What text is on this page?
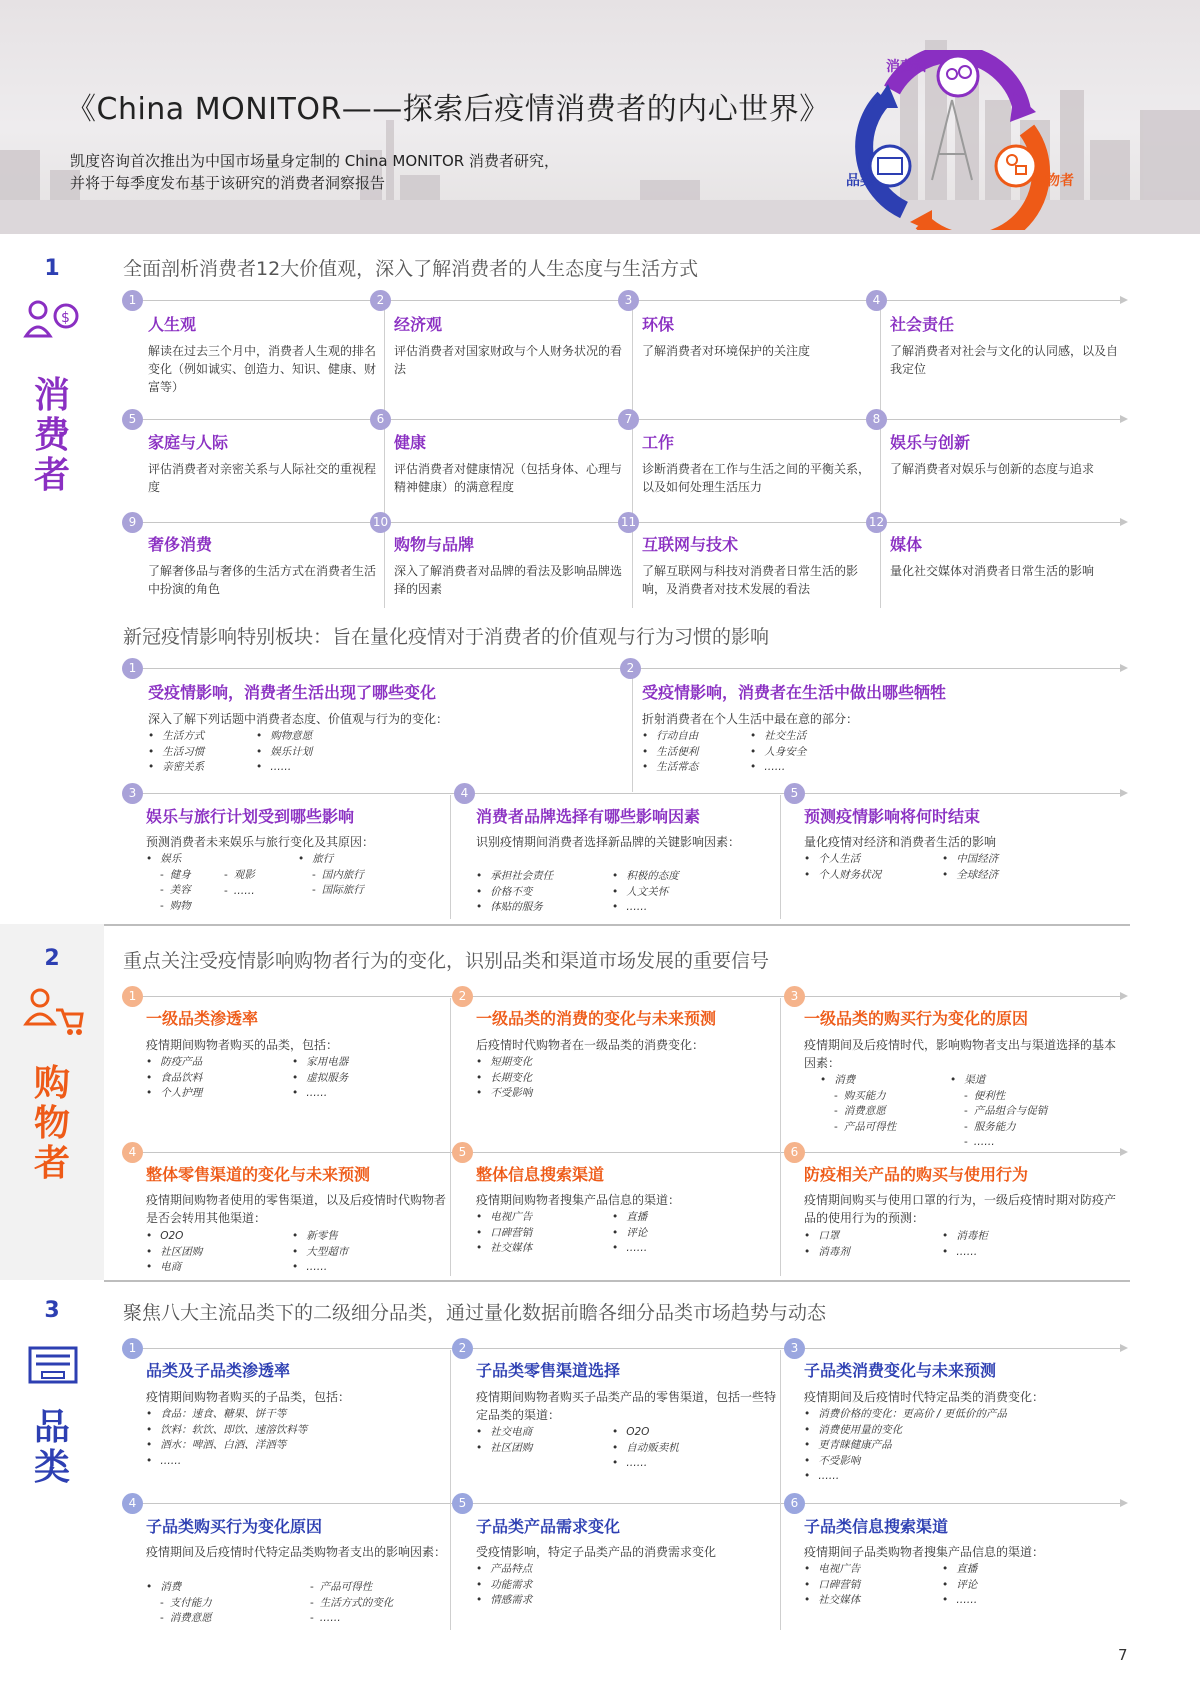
《China MONITOR——探索后疫情消费者的内心世界》
凯度咨询首次推出为中国市场量身定制的 China MONITOR 消费者研究，
并将于每季度发布基于该研究的消费者洞察报告
消费者
购物者
品类
1
$
消
费
者
2
购
物
者
3
品
类
全面剖析消费者12大价值观，深入了解消费者的人生态度与生活方式
1
人生观
解读在过去三个月中，消费者人生观的排名变化（例如诚实、创造力、知识、健康、财富等）
2
经济观
评估消费者对国家财政与个人财务状况的看法
3
环保
了解消费者对环境保护的关注度
4
社会责任
了解消费者对社会与文化的认同感，以及自我定位
5
家庭与人际
评估消费者对亲密关系与人际社交的重视程度
6
健康
评估消费者对健康情况（包括身体、心理与精神健康）的满意程度
7
工作
诊断消费者在工作与生活之间的平衡关系，以及如何处理生活压力
8
娱乐与创新
了解消费者对娱乐与创新的态度与追求
9
奢侈消费
了解奢侈品与奢侈的生活方式在消费者生活中扮演的角色
10
购物与品牌
深入了解消费者对品牌的看法及影响品牌选择的因素
11
互联网与技术
了解互联网与科技对消费者日常生活的影响，及消费者对技术发展的看法
12
媒体
量化社交媒体对消费者日常生活的影响
新冠疫情影响特别板块：旨在量化疫情对于消费者的价值观与行为习惯的影响
1
受疫情影响，消费者生活出现了哪些变化
深入了解下列话题中消费者态度、价值观与行为的变化：
• 生活方式
• 生活习惯
• 亲密关系
• 购物意愿
• 娱乐计划
• ……
2
受疫情影响，消费者在生活中做出哪些牺牲
折射消费者在个人生活中最在意的部分：
• 行动自由
• 生活便利
• 生活常态
• 社交生活
• 人身安全
• ……
3
娱乐与旅行计划受到哪些影响
预测消费者未来娱乐与旅行变化及其原因：
• 娱乐
- 健身
- 美容
- 购物
- 观影
- ……
• 旅行
- 国内旅行
- 国际旅行
4
消费者品牌选择有哪些影响因素
识别疫情期间消费者选择新品牌的关键影响因素：
• 承担社会责任
• 价格不变
• 体贴的服务
• 积极的态度
• 人文关怀
• ……
5
预测疫情影响将何时结束
量化疫情对经济和消费者生活的影响
• 个人生活
• 个人财务状况
• 中国经济
• 全球经济
重点关注受疫情影响购物者行为的变化，识别品类和渠道市场发展的重要信号
1
一级品类渗透率
疫情期间购物者购买的品类，包括：
• 防疫产品
• 食品饮料
• 个人护理
• 家用电器
• 虚拟服务
• ……
2
一级品类的消费的变化与未来预测
后疫情时代购物者在一级品类的消费变化：
• 短期变化
• 长期变化
• 不受影响
3
一级品类的购买行为变化的原因
疫情期间及后疫情时代，影响购物者支出与渠道选择的基本因素：
• 消费
- 购买能力
- 消费意愿
- 产品可得性
• 渠道
- 便利性
- 产品组合与促销
- 服务能力
- ……
4
整体零售渠道的变化与未来预测
疫情期间购物者使用的零售渠道，以及后疫情时代购物者是否会转用其他渠道：
• O2O
• 社区团购
• 电商
• 新零售
• 大型超市
• ……
5
整体信息搜索渠道
疫情期间购物者搜集产品信息的渠道：
• 电视广告
• 口碑营销
• 社交媒体
• 直播
• 评论
• ……
6
防疫相关产品的购买与使用行为
疫情期间购买与使用口罩的行为，一级后疫情时期对防疫产品的使用行为的预测：
• 口罩
• 消毒剂
• 消毒柜
• ……
聚焦八大主流品类下的二级细分品类，通过量化数据前瞻各细分品类市场趋势与动态
1
品类及子品类渗透率
疫情期间购物者购买的子品类，包括：
• 食品：速食、糖果、饼干等
• 饮料：软饮、即饮、速溶饮料等
• 酒水：啤酒、白酒、洋酒等
• ……
2
子品类零售渠道选择
疫情期间购物者购买子品类产品的零售渠道，包括一些特定品类的渠道：
• 社交电商
• 社区团购
• O2O
• 自动贩卖机
• ……
3
子品类消费变化与未来预测
疫情期间及后疫情时代特定品类的消费变化：
• 消费价格的变化：更高价 / 更低价的产品
• 消费使用量的变化
• 更青睐健康产品
• 不受影响
• ……
4
子品类购买行为变化原因
疫情期间及后疫情时代特定品类购物者支出的影响因素：
• 消费
- 支付能力
- 消费意愿
- 产品可得性
- 生活方式的变化
- ……
5
子品类产品需求变化
受疫情影响，特定子品类产品的消费需求变化
• 产品特点
• 功能需求
• 情感需求
6
子品类信息搜索渠道
疫情期间子品类购物者搜集产品信息的渠道：
• 电视广告
• 口碑营销
• 社交媒体
• 直播
• 评论
• ……
7
